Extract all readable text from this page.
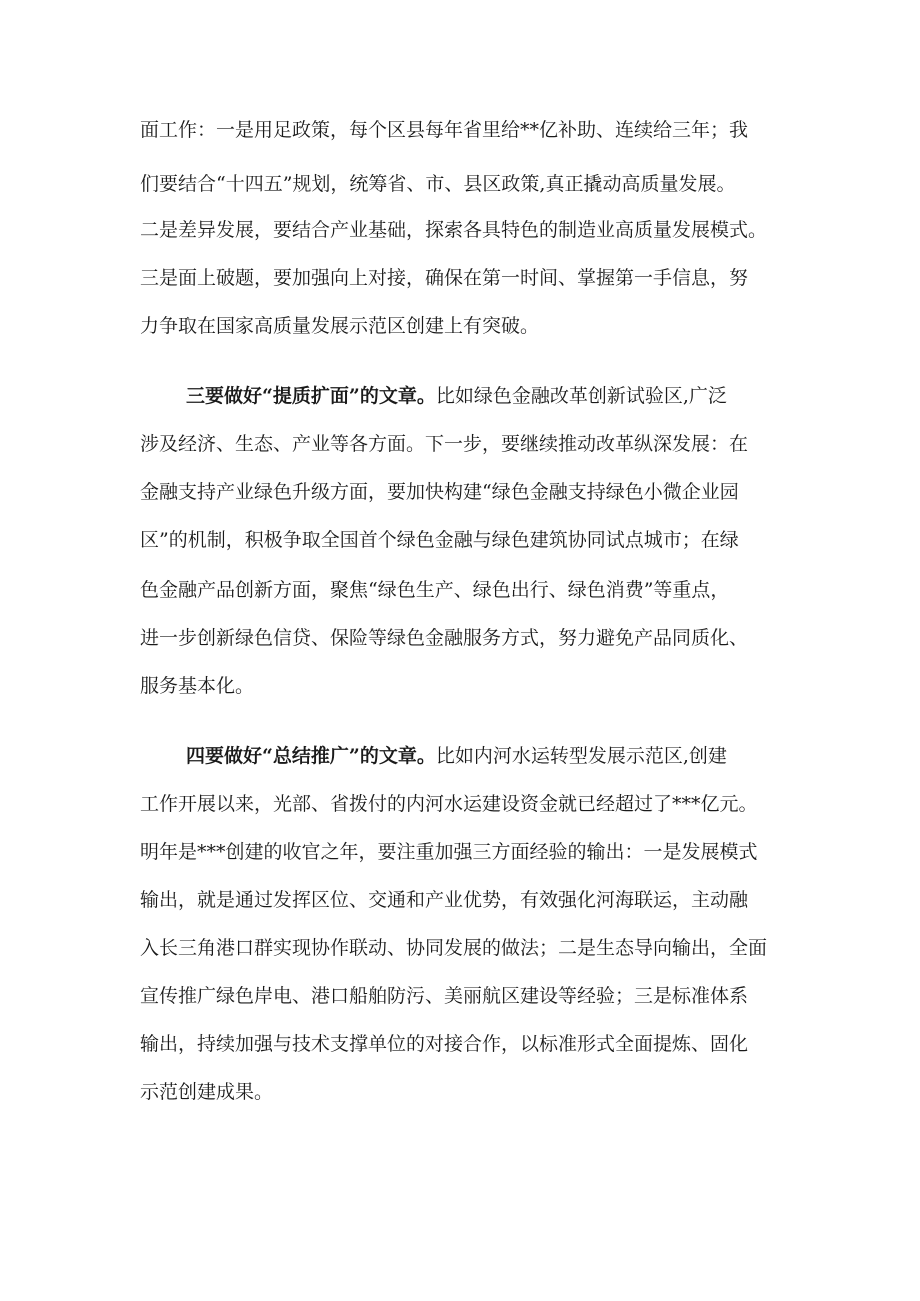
面工作：一是用足政策，每个区县每年省里给**亿补助、连续给三年；我

们要结合“十四五”规划，统筹省、市、县区政策,真正撬动高质量发展。

二是差异发展，要结合产业基础，探索各具特色的制造业高质量发展模式。

三是面上破题，要加强向上对接，确保在第一时间、掌握第一手信息，努

力争取在国家高质量发展示范区创建上有突破。

三要做好“提质扩面”的文章。比如绿色金融改革创新试验区,广泛

涉及经济、生态、产业等各方面。下一步，要继续推动改革纵深发展：在

金融支持产业绿色升级方面，要加快构建“绿色金融支持绿色小微企业园

区”的机制，积极争取全国首个绿色金融与绿色建筑协同试点城市；在绿

色金融产品创新方面，聚焦“绿色生产、绿色出行、绿色消费”等重点，

进一步创新绿色信贷、保险等绿色金融服务方式，努力避免产品同质化、

服务基本化。

四要做好“总结推广”的文章。比如内河水运转型发展示范区,创建

工作开展以来，光部、省拨付的内河水运建设资金就已经超过了***亿元。

明年是***创建的收官之年，要注重加强三方面经验的输出：一是发展模式

输出，就是通过发挥区位、交通和产业优势，有效强化河海联运，主动融

入长三角港口群实现协作联动、协同发展的做法；二是生态导向输出，全面

宣传推广绿色岸电、港口船舶防污、美丽航区建设等经验；三是标准体系

输出，持续加强与技术支撑单位的对接合作，以标准形式全面提炼、固化

示范创建成果。
